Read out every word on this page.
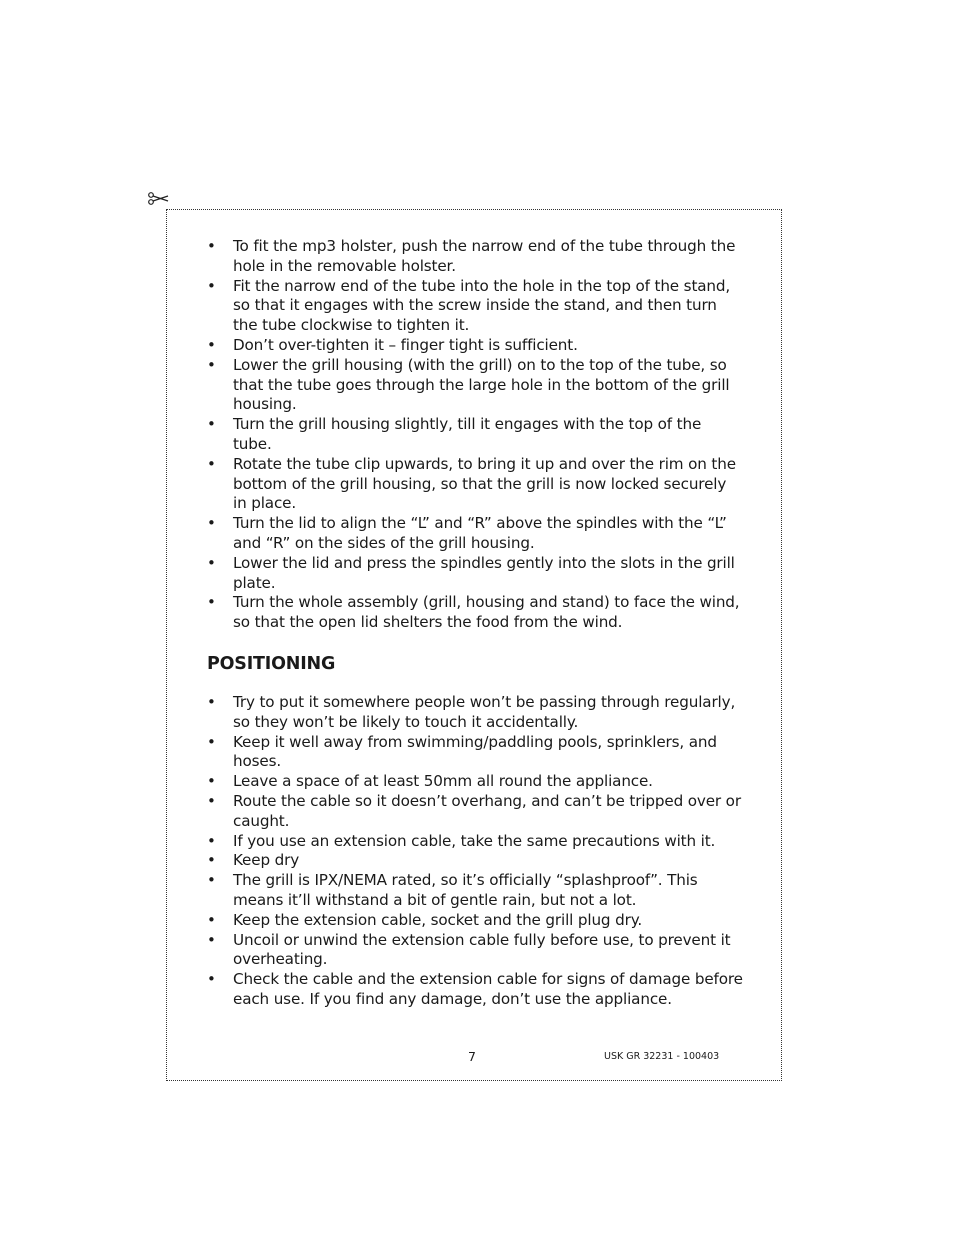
• To fit the mp3 holster, push the narrow end of the tube through the hole in the removable holster.
• Fit the narrow end of the tube into the hole in the top of the stand, so that it engages with the screw inside the stand, and then turn the tube clockwise to tighten it.
• Don’t over-tighten it – finger tight is sufficient.
• Lower the grill housing (with the grill) on to the top of the tube, so that the tube goes through the large hole in the bottom of the grill housing.
• Turn the grill housing slightly, till it engages with the top of the tube.
• Rotate the tube clip upwards, to bring it up and over the rim on the bottom of the grill housing, so that the grill is now locked securely in place.
• Turn the lid to align the “L” and “R” above the spindles with the “L” and “R” on the sides of the grill housing.
• Lower the lid and press the spindles gently into the slots in the grill plate.
• Turn the whole assembly (grill, housing and stand) to face the wind, so that the open lid shelters the food from the wind.
POSITIONING
• Try to put it somewhere people won’t be passing through regularly, so they won’t be likely to touch it accidentally.
• Keep it well away from swimming/paddling pools, sprinklers, and hoses.
• Leave a space of at least 50mm all round the appliance.
• Route the cable so it doesn’t overhang, and can’t be tripped over or caught.
• If you use an extension cable, take the same precautions with it.
• Keep dry
• The grill is IPX/NEMA rated, so it’s officially “splashproof”. This means it’ll withstand a bit of gentle rain, but not a lot.
• Keep the extension cable, socket and the grill plug dry.
• Uncoil or unwind the extension cable fully before use, to prevent it overheating.
• Check the cable and the extension cable for signs of damage before each use. If you find any damage, don’t use the appliance.
7	USK GR 32231 - 100403
